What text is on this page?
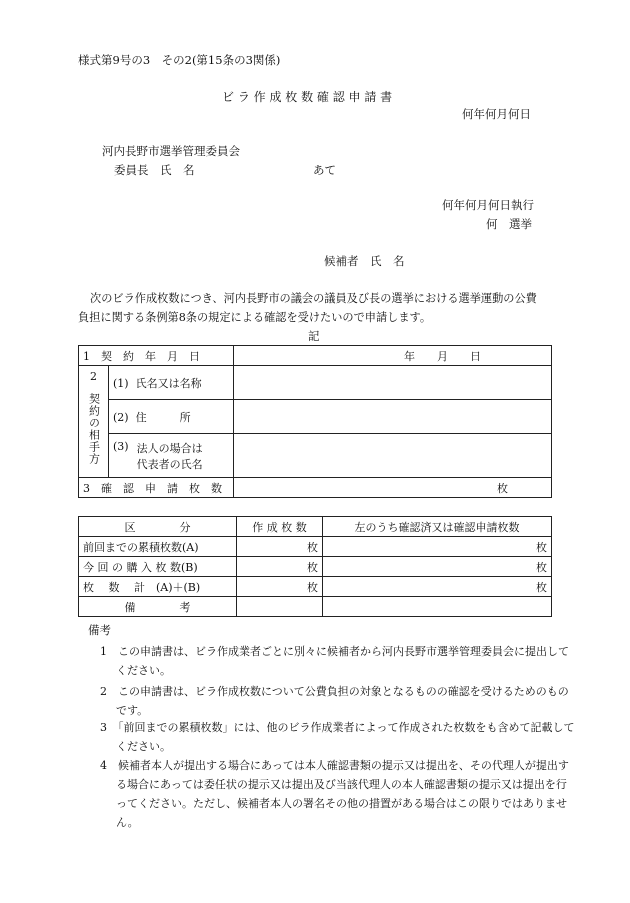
様式第9号の3　その2(第15条の3関係)
ビ ラ 作 成 枚 数 確 認 申 請 書
何年何月何日
河内長野市選挙管理委員会
委員長　氏　名	あて
何年何月何日執行
何　選挙
候補者　氏　名
次のビラ作成枚数につき、河内長野市の議会の議員及び長の選挙における選挙運動の公費負担に関する条例第8条の規定による確認を受けたいので申請します。
記
1　契　約　年　月　日		年　　月　　日

2
契約の相手方	(1) 氏名又は名称	
	(2) 住　　　所	

	(3) 法人の場合は
代表者の氏名	

3　確　認　申　請　枚　数		枚
区　　　　分	作 成 枚 数	左のうち確認済又は確認申請枚数
前回までの累積枚数(A)	枚	枚
今 回 の 購 入 枚 数(B)	枚	枚
枚　 数　 計　(A)＋(B)	枚	枚
備　　　　考		
備考
1　この申請書は、ビラ作成業者ごとに別々に候補者から河内長野市選挙管理委員会に提出してください。
2　この申請書は、ビラ作成枚数について公費負担の対象となるものの確認を受けるためのものです。
3　「前回までの累積枚数」には、他のビラ作成業者によって作成された枚数をも含めて記載してください。
4　候補者本人が提出する場合にあっては本人確認書類の提示又は提出を、その代理人が提出する場合にあっては委任状の提示又は提出及び当該代理人の本人確認書類の提示又は提出を行ってください。ただし、候補者本人の署名その他の措置がある場合はこの限りではありません。
